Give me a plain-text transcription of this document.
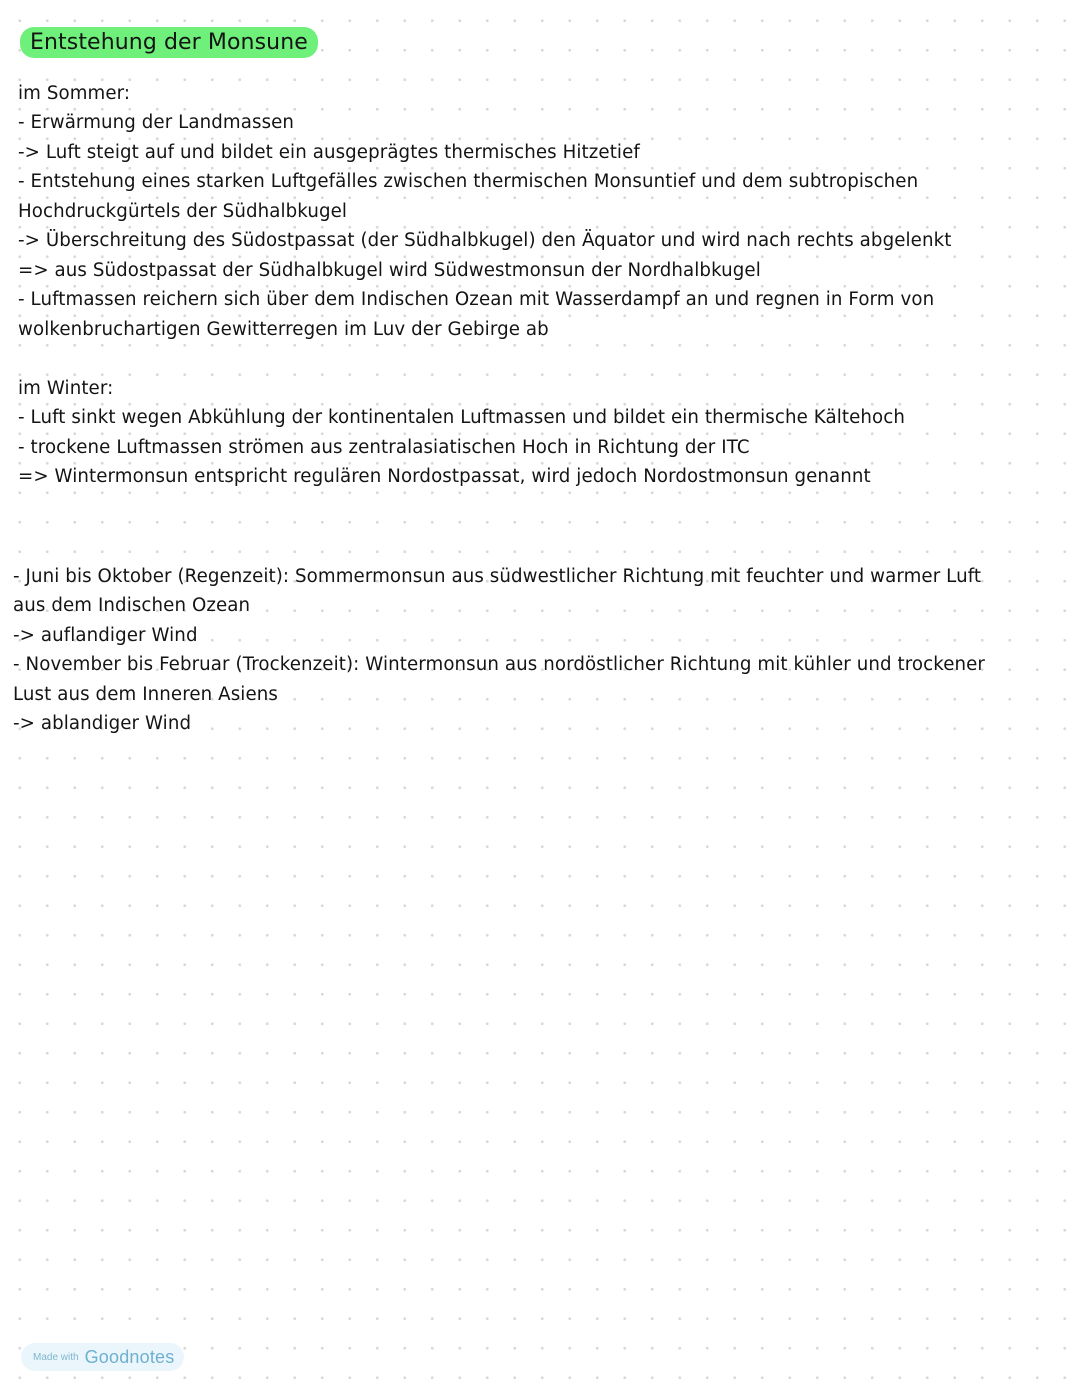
Entstehung der Monsune
im Sommer:
- Erwärmung der Landmassen
-> Luft steigt auf und bildet ein ausgeprägtes thermisches Hitzetief
- Entstehung eines starken Luftgefälles zwischen thermischen Monsuntief und dem subtropischen
Hochdruckgürtels der Südhalbkugel
-> Überschreitung des Südostpassat (der Südhalbkugel) den Äquator und wird nach rechts abgelenkt
=> aus Südostpassat der Südhalbkugel wird Südwestmonsun der Nordhalbkugel
- Luftmassen reichern sich über dem Indischen Ozean mit Wasserdampf an und regnen in Form von
wolkenbruchartigen Gewitterregen im Luv der Gebirge ab
im Winter:
- Luft sinkt wegen Abkühlung der kontinentalen Luftmassen und bildet ein thermische Kältehoch
- trockene Luftmassen strömen aus zentralasiatischen Hoch in Richtung der ITC
=> Wintermonsun entspricht regulären Nordostpassat, wird jedoch Nordostmonsun genannt
- Juni bis Oktober (Regenzeit): Sommermonsun aus südwestlicher Richtung mit feuchter und warmer Luft
aus dem Indischen Ozean
-> auflandiger Wind
- November bis Februar (Trockenzeit): Wintermonsun aus nordöstlicher Richtung mit kühler und trockener
Lust aus dem Inneren Asiens
-> ablandiger Wind
Made with Goodnotes
